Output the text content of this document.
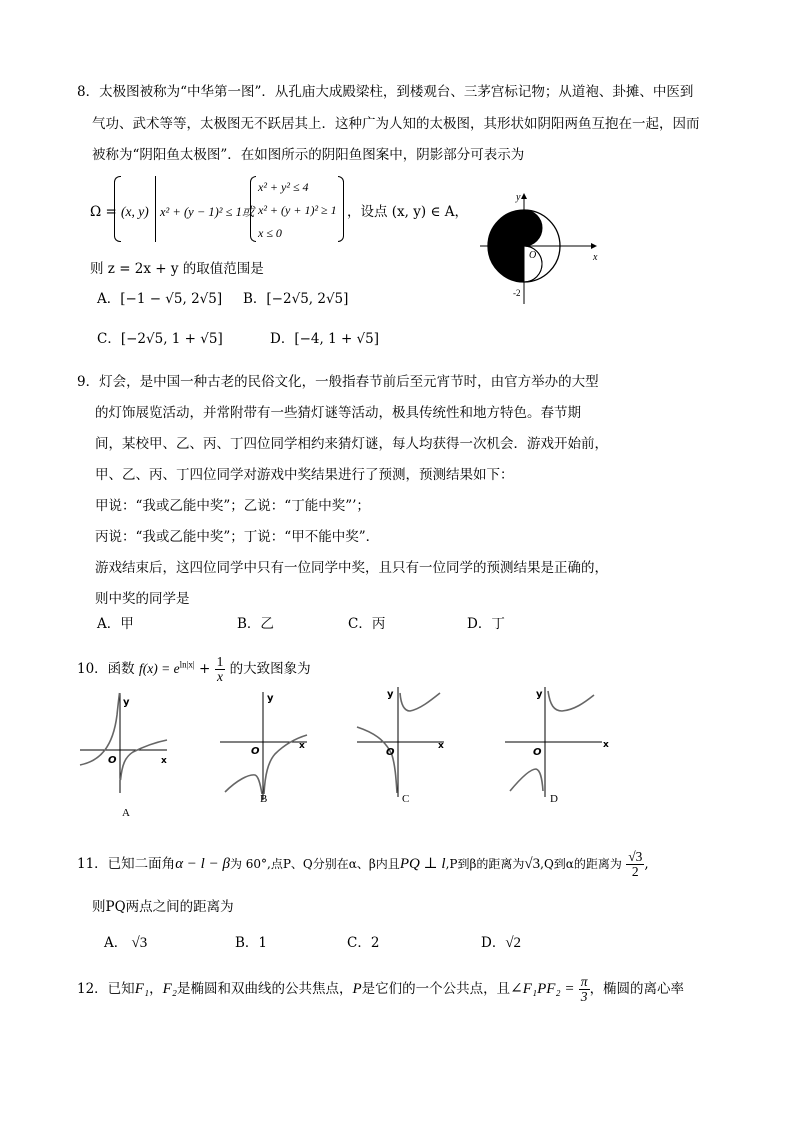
8．太极图被称为“中华第一图”．从孔庙大成殿梁柱，到楼观台、三茅宫标记物；从道袍、卦摊、中医到
气功、武术等等，太极图无不跃居其上．这种广为人知的太极图，其形状如阴阳两鱼互抱在一起，因而
被称为“阴阳鱼太极图”．在如图所示的阴阳鱼图案中，阴影部分可表示为
Ω = (x, y) x² + (y − 1)² ≤ 1或
x² + y² ≤ 4
x² + (y + 1)² ≥ 1
x ≤ 0
，设点 (x, y) ∈ A，
y
x
O
2
-2
则 z = 2x + y 的取值范围是
A．[−1 − √5, 2√5] B．[−2√5, 2√5]
C．[−2√5, 1 + √5]	D．[−4, 1 + √5]
9．灯会，是中国一种古老的民俗文化，一般指春节前后至元宵节时，由官方举办的大型
的灯饰展览活动，并常附带有一些猜灯谜等活动，极具传统性和地方特色。春节期
间，某校甲、乙、丙、丁四位同学相约来猜灯谜，每人均获得一次机会．游戏开始前，
甲、乙、丙、丁四位同学对游戏中奖结果进行了预测，预测结果如下：
甲说：“我或乙能中奖”；乙说：“丁能中奖”’；
丙说：“我或乙能中奖”；丁说：“甲不能中奖”．
游戏结束后，这四位同学中只有一位同学中奖，且只有一位同学的预测结果是正确的，
则中奖的同学是
A．甲	B．乙	C．丙	D．丁
10．函数 $f(x) = e^{ln|x|} + \frac{1}{x}$ 的大致图象为
y
x
O
A
y
x
O
B
y
x
O
C
y
x
O
D
11．已知二面角α − l − β为 60°,点P、Q分别在α、β内且PQ ⊥ l,P到β的距离为√3,Q到α的距离为 $\frac{√3}{2}$ ,
则PQ两点之间的距离为
A． √3	B．1	C．2	D．√2
12．已知F₁，F₂是椭圆和双曲线的公共焦点，P是它们的一个公共点，且∠F₁PF₂ = $\frac{\pi}{3}$ ，椭圆的离心率
